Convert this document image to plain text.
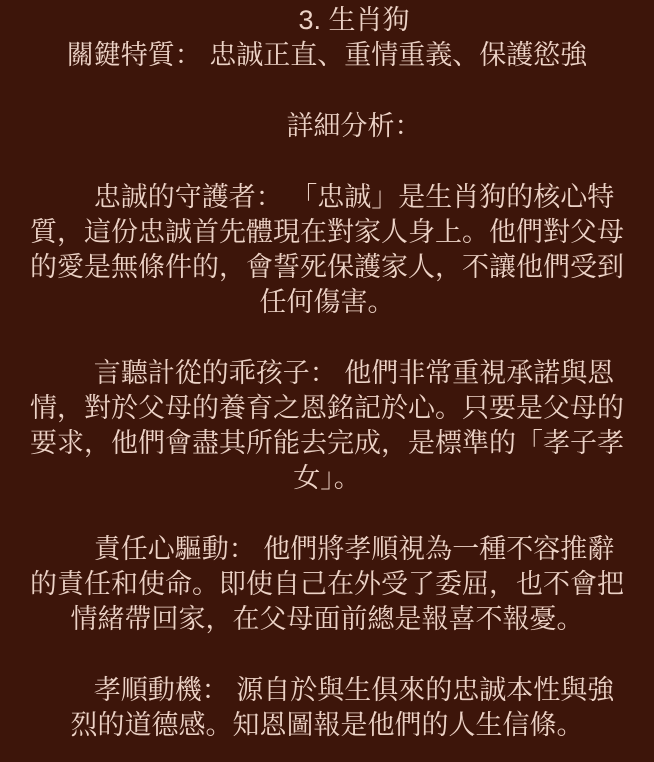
3. 生肖狗

關鍵特質： 忠誠正直、重情重義、保護慾強

詳細分析：

忠誠的守護者： 「忠誠」是生肖狗的核心特質，這份忠誠首先體現在對家人身上。他們對父母的愛是無條件的，會誓死保護家人，不讓他們受到任何傷害。

言聽計從的乖孩子： 他們非常重視承諾與恩情，對於父母的養育之恩銘記於心。只要是父母的要求，他們會盡其所能去完成，是標準的「孝子孝女」。

責任心驅動： 他們將孝順視為一種不容推辭的責任和使命。即使自己在外受了委屈，也不會把情緒帶回家，在父母面前總是報喜不報憂。

孝順動機： 源自於與生俱來的忠誠本性與強烈的道德感。知恩圖報是他們的人生信條。
